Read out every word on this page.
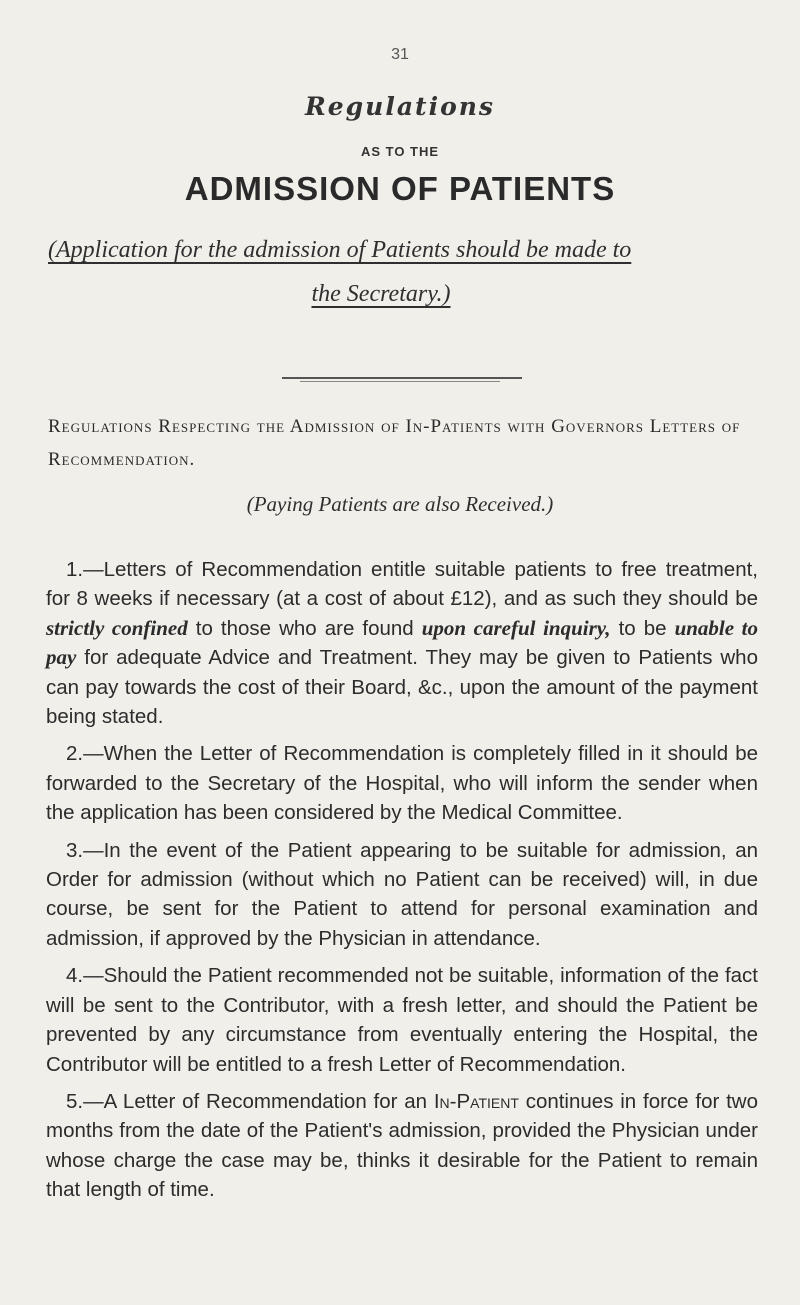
31
Regulations
AS TO THE
ADMISSION OF PATIENTS
(Application for the admission of Patients should be made to
the Secretary.)
Regulations Respecting the Admission of In-Patients with Governors Letters of Recommendation.
(Paying Patients are also Received.)

1.—Letters of Recommendation entitle suitable patients to free treatment, for 8 weeks if necessary (at a cost of about £12), and as such they should be strictly confined to those who are found upon careful inquiry, to be unable to pay for adequate Advice and Treatment. They may be given to Patients who can pay towards the cost of their Board, &c., upon the amount of the payment being stated.

2.—When the Letter of Recommendation is completely filled in it should be forwarded to the Secretary of the Hospital, who will inform the sender when the application has been considered by the Medical Committee.

3.—In the event of the Patient appearing to be suitable for admission, an Order for admission (without which no Patient can be received) will, in due course, be sent for the Patient to attend for personal examination and admission, if approved by the Physician in attendance.

4.—Should the Patient recommended not be suitable, information of the fact will be sent to the Contributor, with a fresh letter, and should the Patient be prevented by any circumstance from eventually entering the Hospital, the Contributor will be entitled to a fresh Letter of Recommendation.

5.—A Letter of Recommendation for an In-Patient continues in force for two months from the date of the Patient's admission, provided the Physician under whose charge the case may be, thinks it desirable for the Patient to remain that length of time.
